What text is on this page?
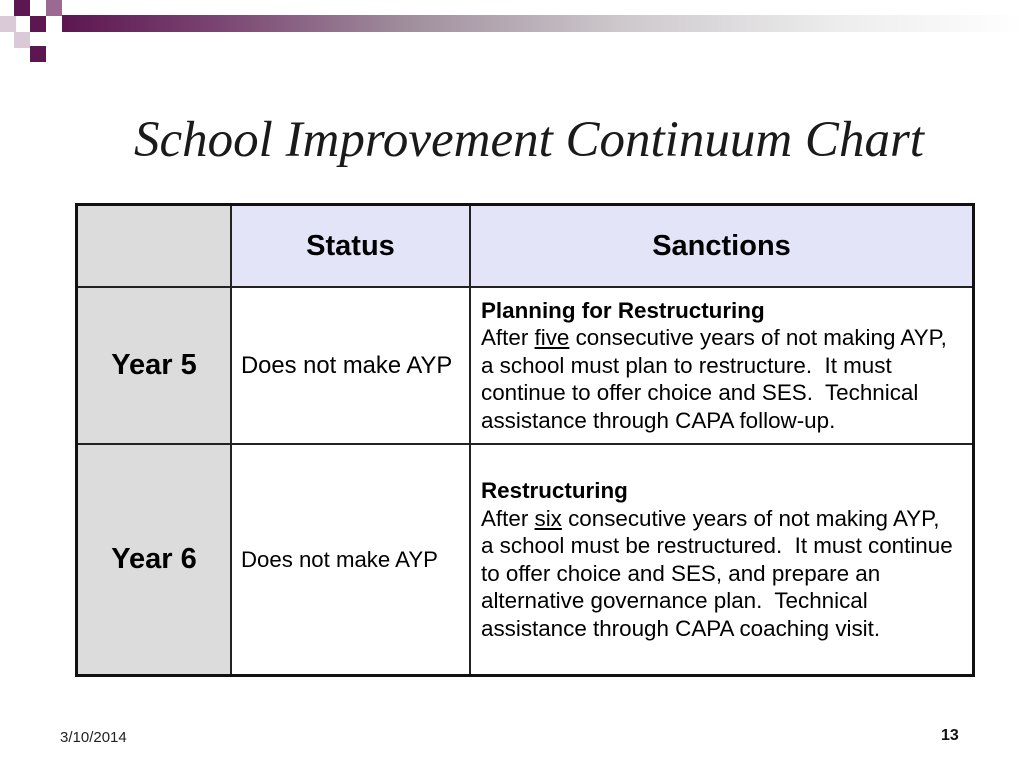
School Improvement Continuum Chart
Status	Sanctions
Year 5 Does not make AYP
Planning for Restructuring
After five consecutive years of not making AYP,
a school must plan to restructure.  It must
continue to offer choice and SES.  Technical
assistance through CAPA follow-up.
Year 6 Does not make AYP
Restructuring
After six consecutive years of not making AYP,
a school must be restructured.  It must continue
to offer choice and SES, and prepare an
alternative governance plan.  Technical
assistance through CAPA coaching visit.
3/10/2014	13
